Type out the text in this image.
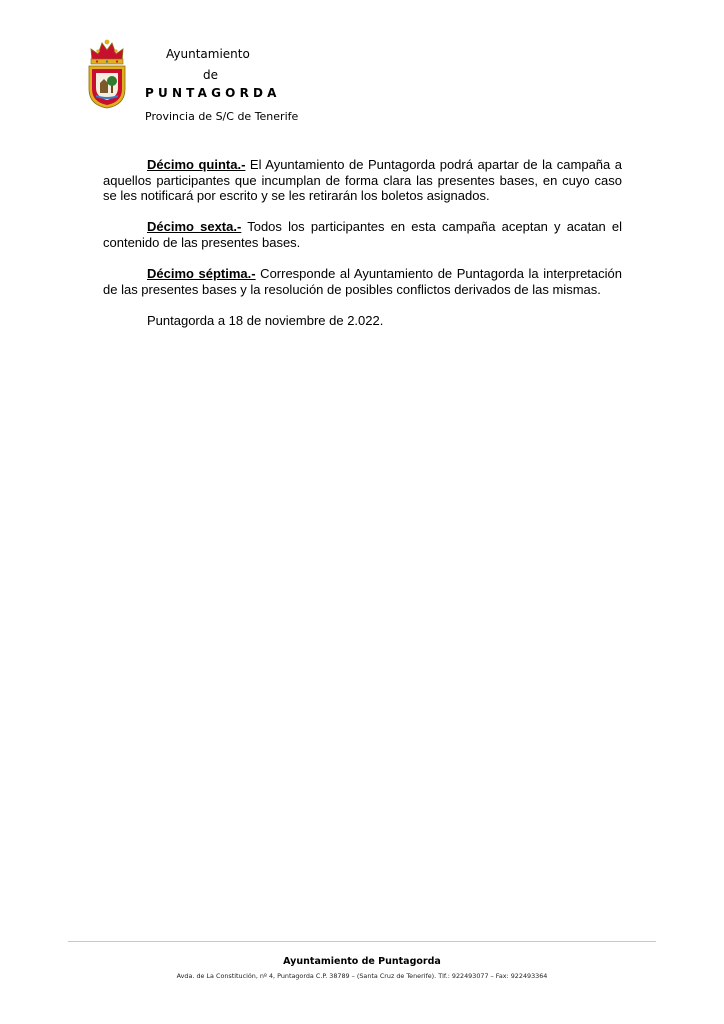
Ayuntamiento
de
PUNTAGORDA
Provincia de S/C de Tenerife

Décimo quinta.- El Ayuntamiento de Puntagorda podrá apartar de la campaña a aquellos participantes que incumplan de forma clara las presentes bases, en cuyo caso se les notificará por escrito y se les retirarán los boletos asignados.

Décimo sexta.- Todos los participantes en esta campaña aceptan y acatan el contenido de las presentes bases.

Décimo séptima.- Corresponde al Ayuntamiento de Puntagorda la interpretación de las presentes bases y la resolución de posibles conflictos derivados de las mismas.

Puntagorda a 18 de noviembre de 2.022.

Ayuntamiento de Puntagorda
Avda. de La Constitución, nº 4, Puntagorda C.P. 38789 – (Santa Cruz de Tenerife). Tlf.: 922493077 – Fax: 922493364
